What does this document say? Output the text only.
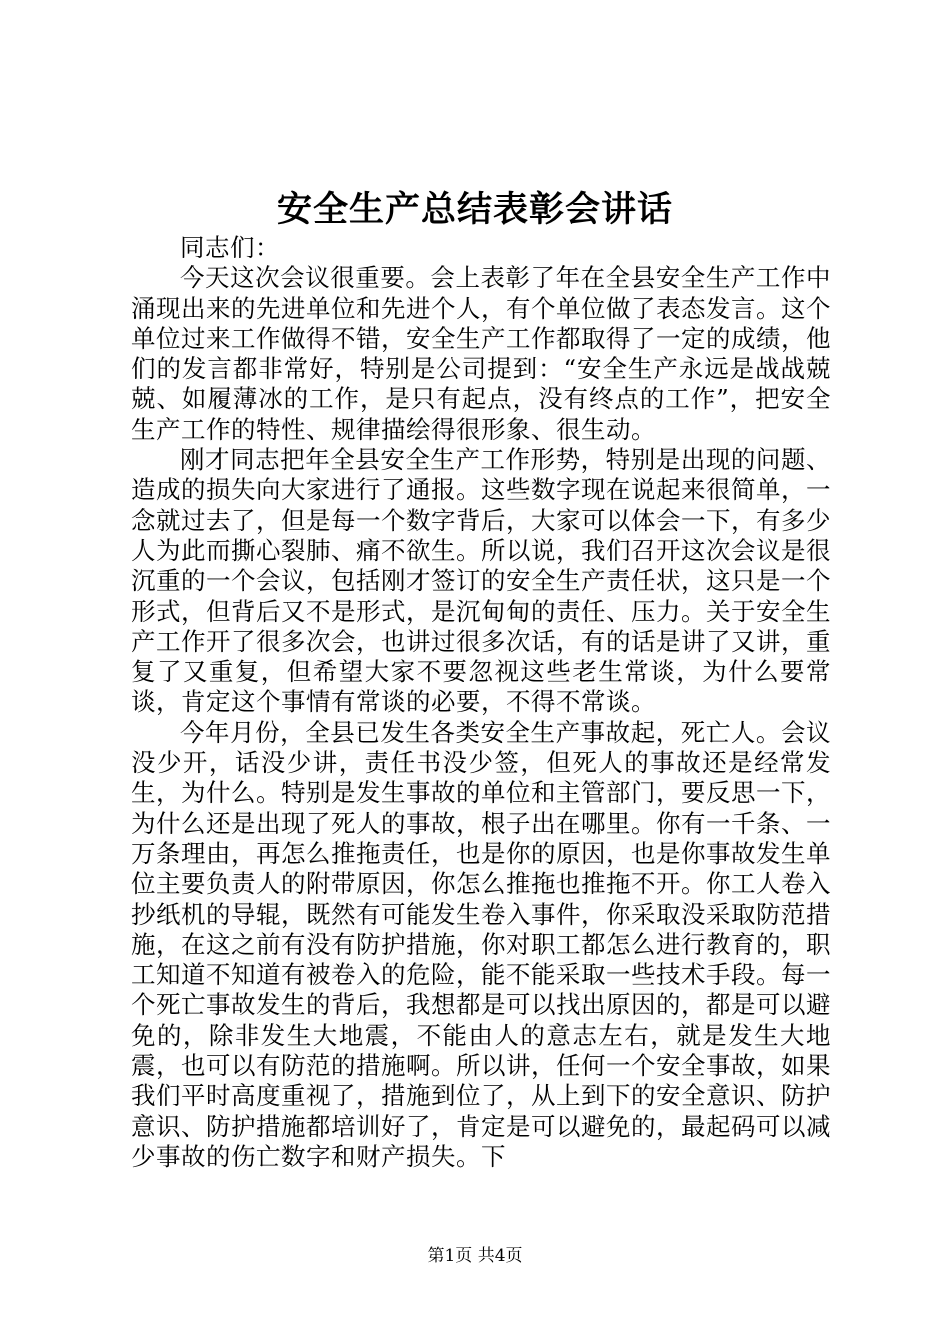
安全生产总结表彰会讲话

同志们：

今天这次会议很重要。会上表彰了年在全县安全生产工作中涌现出来的先进单位和先进个人，有个单位做了表态发言。这个单位过来工作做得不错，安全生产工作都取得了一定的成绩，他们的发言都非常好，特别是公司提到：“安全生产永远是战战兢兢、如履薄冰的工作，是只有起点，没有终点的工作”，把安全生产工作的特性、规律描绘得很形象、很生动。

刚才同志把年全县安全生产工作形势，特别是出现的问题、造成的损失向大家进行了通报。这些数字现在说起来很简单，一念就过去了，但是每一个数字背后，大家可以体会一下，有多少人为此而撕心裂肺、痛不欲生。所以说，我们召开这次会议是很沉重的一个会议，包括刚才签订的安全生产责任状，这只是一个形式，但背后又不是形式，是沉甸甸的责任、压力。关于安全生产工作开了很多次会，也讲过很多次话，有的话是讲了又讲，重复了又重复，但希望大家不要忽视这些老生常谈，为什么要常谈，肯定这个事情有常谈的必要，不得不常谈。

今年月份，全县已发生各类安全生产事故起，死亡人。会议没少开，话没少讲，责任书没少签，但死人的事故还是经常发生，为什么。特别是发生事故的单位和主管部门，要反思一下，为什么还是出现了死人的事故，根子出在哪里。你有一千条、一万条理由，再怎么推拖责任，也是你的原因，也是你事故发生单位主要负责人的附带原因，你怎么推拖也推拖不开。你工人卷入抄纸机的导辊，既然有可能发生卷入事件，你采取没采取防范措施，在这之前有没有防护措施，你对职工都怎么进行教育的，职工知道不知道有被卷入的危险，能不能采取一些技术手段。每一个死亡事故发生的背后，我想都是可以找出原因的，都是可以避免的，除非发生大地震，不能由人的意志左右，就是发生大地震，也可以有防范的措施啊。所以讲，任何一个安全事故，如果我们平时高度重视了，措施到位了，从上到下的安全意识、防护意识、防护措施都培训好了，肯定是可以避免的，最起码可以减少事故的伤亡数字和财产损失。下

第1页 共4页
